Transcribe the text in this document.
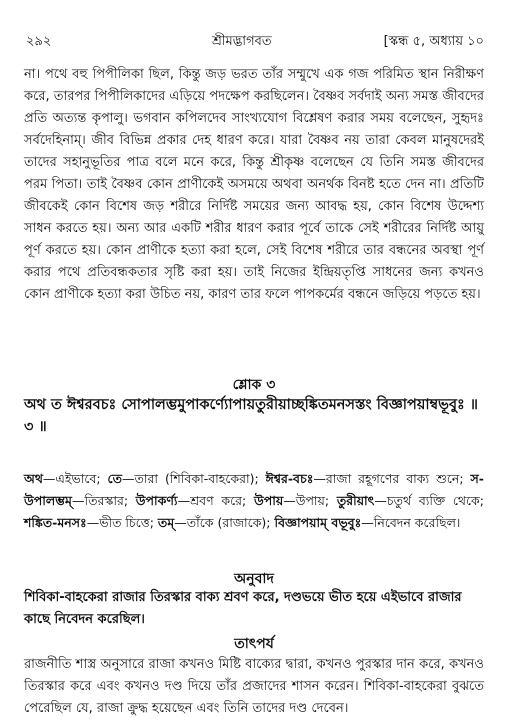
২৯২	শ্রীমদ্ভাগবত	[স্কন্ধ ৫, অধ্যায় ১০

না। পথে বহু পিপীলিকা ছিল, কিন্তু জড় ভরত তাঁর সম্মুখে এক গজ পরিমিত স্থান নিরীক্ষণ করে, তারপর পিপীলিকাদের এড়িয়ে পদক্ষেপ করছিলেন। বৈষ্ণব সর্বদাই অন্য সমস্ত জীবদের প্রতি অত্যন্ত কৃপালু। ভগবান কপিলদেব সাংখ্যযোগ বিশ্লেষণ করার সময় বলেছেন, সুহৃদঃ সর্বদেহিনাম্। জীব বিভিন্ন প্রকার দেহ ধারণ করে। যারা বৈষ্ণব নয় তারা কেবল মানুষদেরই তাদের সহানুভূতির পাত্র বলে মনে করে, কিন্তু শ্রীকৃষ্ণ বলেছেন যে তিনি সমস্ত জীবদের পরম পিতা। তাই বৈষ্ণব কোন প্রাণীকেই অসময়ে অথবা অনর্থক বিনষ্ট হতে দেন না। প্রতিটি জীবকেই কোন বিশেষ জড় শরীরে নির্দিষ্ট সময়ের জন্য আবদ্ধ হয়, কোন বিশেষ উদ্দেশ্য সাধন করতে হয়। অন্য আর একটি শরীর ধারণ করার পূর্বে তাকে সেই শরীরের নির্দিষ্ট আয়ু পূর্ণ করতে হয়। কোন প্রাণীকে হত্যা করা হলে, সেই বিশেষ শরীরে তার বন্ধনের অবস্থা পূর্ণ করার পথে প্রতিবন্ধকতার সৃষ্টি করা হয়। তাই নিজের ইন্দ্রিয়তৃপ্তি সাধনের জন্য কখনও কোন প্রাণীকে হত্যা করা উচিত নয়, কারণ তার ফলে পাপকর্মের বন্ধনে জড়িয়ে পড়তে হয়।

শ্লোক ৩

অথ ত ঈশ্বরবচঃ সোপালম্ভমুপাকর্ণ্যোপায়তুরীয়াচ্ছঙ্কিতমনসস্তং বিজ্ঞাপয়াম্বভূবুঃ ॥ ৩ ॥

অথ—এইভাবে; তে—তারা (শিবিকা-বাহকেরা); ঈশ্বর-বচঃ—রাজা রহূগণের বাক্য শুনে; স-উপালম্ভম্—তিরস্কার; উপাকর্ণ্য—শ্রবণ করে; উপায়—উপায়; তুরীয়াৎ—চতুর্থ ব্যক্তি থেকে; শঙ্কিত-মনসঃ—ভীত চিত্তে; তম্—তাঁকে (রাজাকে); বিজ্ঞাপয়াম্ বভূবুঃ—নিবেদন করেছিল।

অনুবাদ

শিবিকা-বাহকেরা রাজার তিরস্কার বাক্য শ্রবণ করে, দণ্ডভয়ে ভীত হয়ে এইভাবে রাজার কাছে নিবেদন করেছিল।

তাৎপর্য

রাজনীতি শাস্ত্র অনুসারে রাজা কখনও মিষ্টি বাক্যের দ্বারা, কখনও পুরস্কার দান করে, কখনও তিরস্কার করে এবং কখনও দণ্ড দিয়ে তাঁর প্রজাদের শাসন করেন। শিবিকা-বাহকেরা বুঝতে পেরেছিল যে, রাজা ক্রুদ্ধ হয়েছেন এবং তিনি তাদের দণ্ড দেবেন।
